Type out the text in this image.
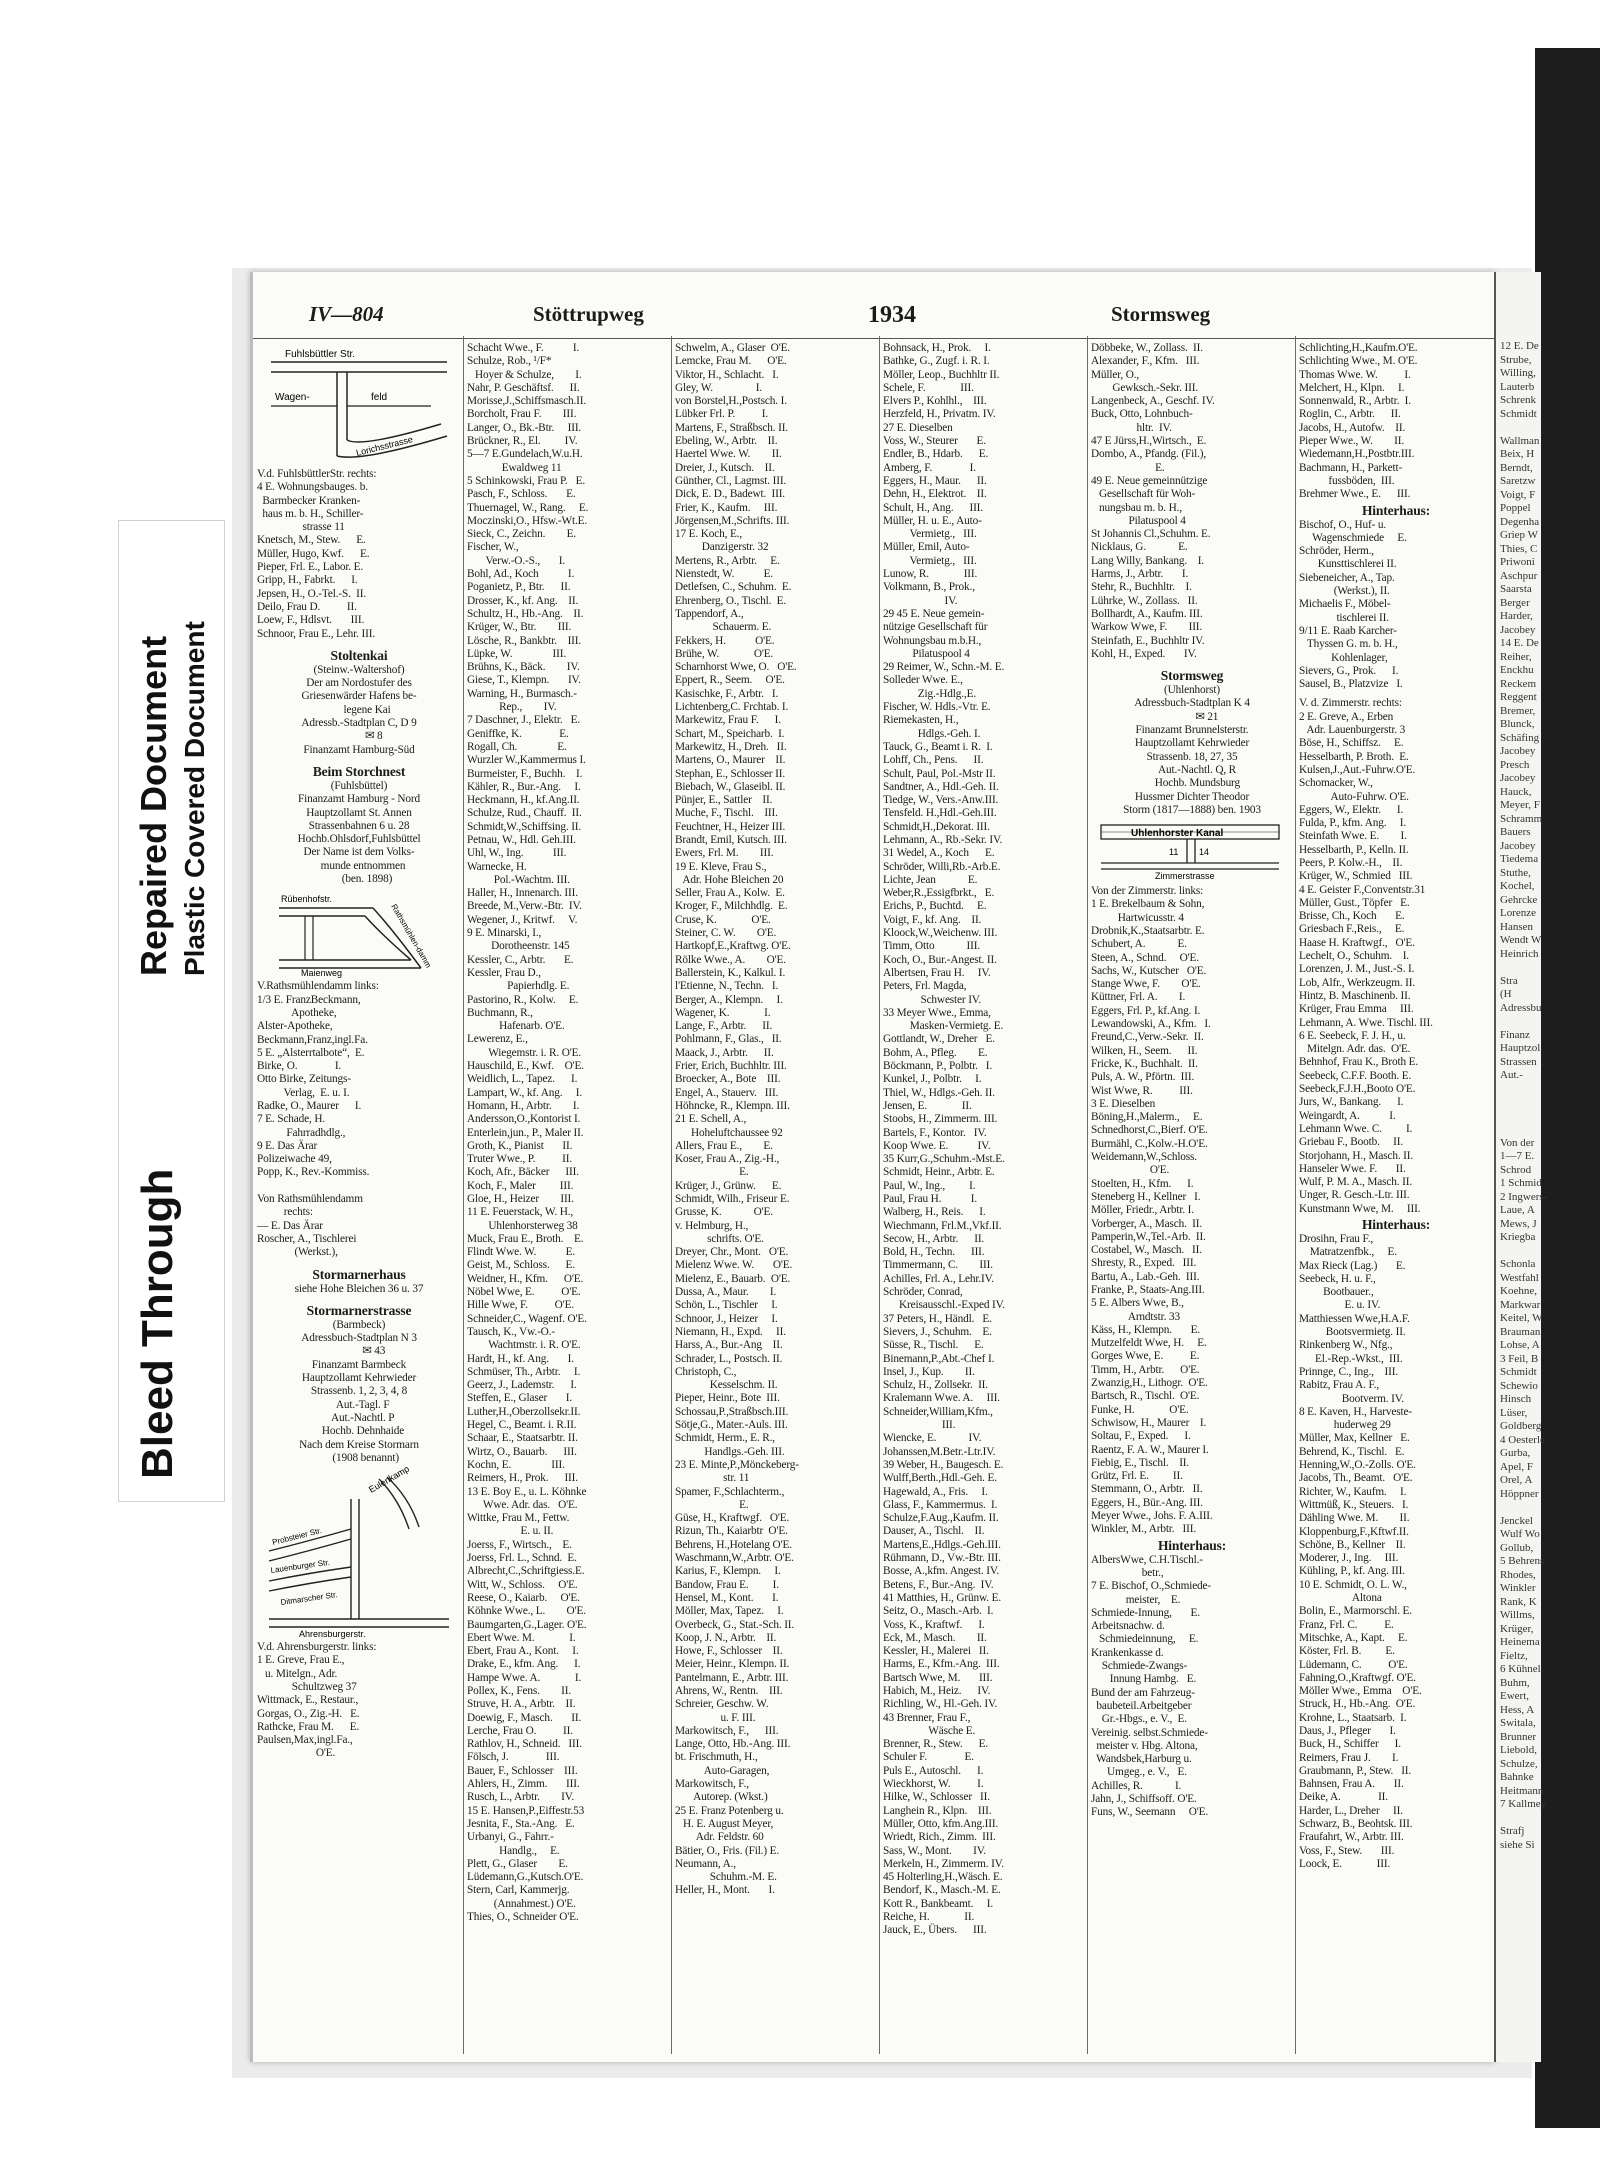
Bleed Through
Repaired Document Plastic Covered Document
IV—804	Stöttrupweg	1934	Stormsweg
Fuhlsbüttler Str.
Wagen-	feld
Lorichsstrasse
V.d. FuhlsbüttlerStr. rechts:
4 E. Wohnungsbauges. b.
Barmbecker Kranken-
haus m. b. H., Schiller-
strasse 11
Knetsch, M., Stew.      E.
Müller, Hugo, Kwf.      E.
Pieper, Frl. E., Labor. E.
Gripp, H., Fabrkt.      I.
Jepsen, H., O.-Tel.-S.  II.
Deilo, Frau D.          II.
Loew, F., Hdlsvt.       III.
Schnoor, Frau E., Lehr. III.
Stoltenkai
(Steinw.-Waltershof)
Der am Nordostufer des
Griesenwärder Hafens be-
legene Kai
Adressb.-Stadtplan C, D 9
✉ 8
Finanzamt Hamburg-Süd
Beim Storchnest
(Fuhlsbüttel)
Finanzamt Hamburg - Nord
Hauptzollamt St. Annen
Strassenbahnen 6 u. 28
Hochb.Ohlsdorf,Fuhlsbüttel
Der Name ist dem Volks-
munde entnommen
(ben. 1898)
Rübenhofstr.
Rathsmühlen-damm
Maienweg
V.Rathsmühlendamm links:
1/3 E. FranzBeckmann,
Apotheke,
Alster-Apotheke,
Beckmann,Franz,ingl.Fa.
5 E. „Alsterrtalbote“,  E.
Birke, O.              I.
Otto Birke, Zeitungs-
Verlag,  E. u. I.
Radke, O., Maurer      I.
7 E. Schade, H.
Fahrradhdlg.,
9 E. Das Ärar
Polizeiwache 49,
Popp, K., Rev.-Kommiss.

Von Rathsmühlendamm
rechts:
— E. Das Ärar
Roscher, A., Tischlerei
(Werkst.),
Stormarnerhaus
siehe Hohe Bleichen 36 u. 37
Stormarnerstrasse
(Barmbeck)
Adressbuch-Stadtplan N 3
✉ 43
Finanzamt Barmbeck
Hauptzollamt Kehrwieder
Strassenb. 1, 2, 3, 4, 8
Aut.-Tagl. F
Aut.-Nachtl. P
Hochb. Dehnhaide
Nach dem Kreise Stormarn
(1908 benannt)
Eulenkamp
Probsteier Str.
Lauenburger Str.
Ditmarscher Str.
Ahrensburgerstr.
V.d. Ahrensburgerstr. links:
1 E. Greve, Frau E.,
u. Mitelgn., Adr.
Schultzweg 37
Wittmack, E., Restaur.,
Gorgas, O., Zig.-H.   E.
Rathcke, Frau M.      E.
Paulsen,Max,ingl.Fa.,
O'E.
Schacht Wwe., F.           I.
Schulze, Rob., ¹/F*
Hoyer & Schulze,        I.
Nahr, P. Geschäftsf.      II.
Morisse,J.,Schiffsmasch.II.
Borcholt, Frau F.        III.
Langer, O., Bk.-Btr.     III.
Brückner, R., El.         IV.
5—7 E.Gundelach,W.u.H.
Ewaldweg 11
5 Schinkowski, Frau P.   E.
Pasch, F., Schloss.       E.
Thuernagel, W., Rang.     E.
Moczinski,O., Hfsw.-Wt.E.
Sieck, C., Zeichn.        E.
Fischer, W.,
Verw.-O.-S.,       I.
Bohl, Ad., Koch           I.
Poganietz, P., Btr.      II.
Drosser, K., kf. Ang.    II.
Schultz, H., Hb.-Ang.    II.
Krüger, W., Btr.        III.
Lösche, R., Bankbtr.    III.
Lüpke, W.               III.
Brühns, K., Bäck.        IV.
Giese, T., Klempn.       IV.
Warning, H., Burmasch.-
Rep.,        IV.
7 Daschner, J., Elektr.   E.
Geniffke, K.              E.
Rogall, Ch.               E.
Wurzler W.,Kammermus I.
Burmeister, F., Buchh.    I.
Kähler, R., Bur.-Ang.     I.
Heckmann, H., kf.Ang.II.
Schulze, Rud., Chauff.  II.
Schmidt,W.,Schiffsing. II.
Petnau, W., Hdl. Geh.III.
Uhl, W., Ing.           III.
Warnecke, H.
Pol.-Wachtm. III.
Haller, H., Innenarch. III.
Breede, M.,Verw.-Btr.  IV.
Wegener, J., Kritwf.     V.
9 E. Minarski, I.,
Dorotheenstr. 145
Kessler, C., Arbtr.       E.
Kessler, Frau D.,
Papierhdlg. E.
Pastorino, R., Kolw.     E.
Buchmann, R.,
Hafenarb. O'E.
Lewerenz, E.,
Wiegemstr. i. R. O'E.
Hauschild, E., Kwf.    O'E.
Weidlich, L., Tapez.      I.
Lampart, W., kf. Ang.     I.
Homann, H., Arbtr.        I.
Andersson,O.,Kontorist I.
Enterlein,jun., P., Maler II.
Groth, K., Pianist       II.
Truter Wwe., P.          II.
Koch, Afr., Bäcker      III.
Koch, F., Maler         III.
Gloe, H., Heizer        III.
11 E. Feuerstack, W. H.,
Uhlenhorsterweg 38
Muck, Frau E., Broth.    E.
Flindt Wwe. W.           E.
Geist, M., Schloss.      E.
Weidner, H., Kfm.      O'E.
Nöbel Wwe, E.          O'E.
Hille Wwe, F.          O'E.
Schneider,C., Wagenf. O'E.
Tausch, K., Vw.-O.-
Wachtmstr. i. R. O'E.
Hardt, H., kf. Ang.       I.
Schmüser, Th., Arbtr.     I.
Geerz, J., Lademstr.      I.
Steffen, E., Glaser       I.
Luther,H.,Oberzollsekr.II.
Hegel, C., Beamt. i. R.II.
Schaar, E., Staatsarbtr. II.
Wirtz, O., Bauarb.      III.
Kochn, E.               III.
Reimers, H., Prok.      III.
13 E. Boy E., u. L. Köhnke
Wwe. Adr. das.   O'E.
Wittke, Frau M., Fettw.
E. u. II.
Joerss, F., Wirtsch.,    E.
Joerss, Frl. L., Schnd.  E.
Albrecht,C.,Schriftgiess.E.
Witt, W., Schloss.     O'E.
Reese, O., Kaiarb.     O'E.
Köhnke Wwe., L.        O'E.
Baumgarten,G.,Lager. O'E.
Ebert Wwe. M.             I.
Ebert, Frau A., Kont.     I.
Drake, E., kfm. Ang.      I.
Hampe Wwe. A.             I.
Pollex, K., Fens.        II.
Struve, H. A., Arbtr.    II.
Doewig, F., Masch.       II.
Lerche, Frau O.          II.
Rathlov, H., Schneid.   III.
Fölsch, J.              III.
Bauer, F., Schlosser    III.
Ahlers, H., Zimm.       III.
Rusch, L., Arbtr.        IV.
15 E. Hansen,P.,Eiffestr.53
Jesnita, F., Sta.-Ang.   E.
Urbanyi, G., Fahrr.-
Handlg.,     E.
Plett, G., Glaser        E.
Lüdemann,G.,Kutsch.O'E.
Stern, Carl, Kammerjg.
(Annahmest.) O'E.
Thies, O., Schneider O'E.
Schwelm, A., Glaser  O'E.
Lemcke, Frau M.      O'E.
Viktor, H., Schlacht.   I.
Gley, W.                I.
von Borstel,H.,Postsch. I.
Lübker Frl. P.          I.
Martens, F., Straßbsch. II.
Ebeling, W., Arbtr.    II.
Haertel Wwe. W.        II.
Dreier, J., Kutsch.    II.
Günther, Cl., Lagmst. III.
Dick, E. D., Badewt.  III.
Frier, K., Kaufm.     III.
Jörgensen,M.,Schrifts. III.
17 E. Koch, E.,
Danzigerstr. 32
Mertens, R., Arbtr.     E.
Nienstedt, W.           E.
Detlefsen, C., Schuhm.  E.
Ehrenberg, O., Tischl.  E.
Tappendorf, A.,
Schauerm. E.
Fekkers, H.           O'E.
Brühe, W.             O'E.
Scharnhorst Wwe, O.   O'E.
Eppert, R., Seem.     O'E.
Kasischke, F., Arbtr.   I.
Lichtenberg,C. Frchtab. I.
Markewitz, Frau F.      I.
Schart, M., Speicharb.  I.
Markewitz, H., Dreh.   II.
Martens, O., Maurer    II.
Stephan, E., Schlosser II.
Biebach, W., Glaseibl. II.
Pünjer, E., Sattler    II.
Muche, F., Tischl.    III.
Feuchtner, H., Heizer III.
Brandt, Emil, Kutsch. III.
Ewers, Frl. M.        III.
19 E. Kleve, Frau S.,
Adr. Hohe Bleichen 20
Seller, Frau A., Kolw.  E.
Kroger, F., Milchhdlg.  E.
Cruse, K.             O'E.
Steiner, C. W.        O'E.
Hartkopf,E.,Kraftwg. O'E.
Rölke Wwe., A.        O'E.
Ballerstein, K., Kalkul. I.
l'Etienne, N., Techn.   I.
Berger, A., Klempn.     I.
Wagener, K.             I.
Lange, F., Arbtr.      II.
Pohlmann, F., Glas.,   II.
Maack, J., Arbtr.      II.
Frier, Erich, Buchhltr. III.
Broecker, A., Bote    III.
Engel, A., Stauerv.   III.
Höhncke, R., Klempn. III.
21 E. Schell, A.,
Hoheluftchaussee 92
Allers, Frau E.,        E.
Koser, Frau A., Zig.-H.,
E.
Krüger, J., Grünw.      E.
Schmidt, Wilh., Friseur E.
Grusse, K.            O'E.
v. Helmburg, H.,
schrifts. O'E.
Dreyer, Chr., Mont.   O'E.
Mielenz Wwe. W.       O'E.
Mielenz, E., Bauarb.  O'E.
Dussa, A., Maur.        I.
Schön, L., Tischler     I.
Schnoor, J., Heizer     I.
Niemann, H., Expd.     II.
Harss, A., Bur.-Ang    II.
Schrader, L., Postsch. II.
Christoph, C.,
Kesselschm. II.
Pieper, Heinr., Bote  III.
Schossau,P.,Straßbsch.III.
Sötje,G., Mater.-Auls. III.
Schmidt, Herm., E. R.,
Handlgs.-Geh. III.
23 E. Minte,P.,Mönckeberg-
str. 11
Spamer, F.,Schlachterm.,
E.
Güse, H., Kraftwgf.   O'E.
Rizun, Th., Kaiarbtr  O'E.
Behrens, H.,Hotelang O'E.
Waschmann,W.,Arbtr. O'E.
Karius, F., Klempn.     I.
Bandow, Frau E.         I.
Hensel, M., Kont.       I.
Möller, Max, Tapez.     I.
Overbeck, G., Stat.-Sch. II.
Koop, J. N., Arbtr.    II.
Howe, F., Schlosser    II.
Meier, Heinr., Klempn. II.
Pantelmann, E., Arbtr. III.
Ahrens, W., Rentn.    III.
Schreier, Geschw. W.
u. F. III.
Markowitsch, F.,      III.
Lange, Otto, Hb.-Ang. III.
bt. Frischmuth, H.,
Auto-Garagen,
Markowitsch, F.,
Autorep. (Wkst.)
25 E. Franz Potenberg u.
H. E. August Meyer,
Adr. Feldstr. 60
Bätier, O., Fris. (Fil.) E.
Neumann, A.,
Schuhm.-M. E.
Heller, H., Mont.       I.
Bohnsack, H., Prok.     I.
Bathke, G., Zugf. i. R. I.
Möller, Leop., Buchhltr II.
Schele, F.             III.
Elvers P., Kohlhl.,    III.
Herzfeld, H., Privatm. IV.
27 E. Dieselben
Voss, W., Steurer       E.
Endler, B., Hdarb.      E.
Amberg, F.              I.
Eggers, H., Maur.      II.
Dehn, H., Elektrot.    II.
Schult, H., Ang.      III.
Müller, H. u. E., Auto-
Vermietg.,   III.
Müller, Emil, Auto-
Vermietg.,   III.
Lunow, R.             III.
Volkmann, B., Prok.,
IV.
29 45 E. Neue gemein-
nützige Gesellschaft für
Wohnungsbau m.b.H.,
Pilatuspool 4
29 Reimer, W., Schn.-M. E.
Solleder Wwe. E.,
Zig.-Hdlg.,E.
Fischer, W. Hdls.-Vtr. E.
Riemekasten, H.,
Hdlgs.-Geh. I.
Tauck, G., Beamt i. R.  I.
Lohff, Ch., Pens.      II.
Schult, Paul, Pol.-Mstr II.
Sandtner, A., Hdl.-Geh. II.
Tiedge, W., Vers.-Anw.III.
Tensfeld. H.,Hdl.-Geh.III.
Schmidt,H.,Dekorat. III.
Lehmann, A., Rb.-Sekr. IV.
31 Wedel, A., Koch      E.
Schröder, Willi,Rb.-Arb.E.
Lichte, Jean            E.
Weber,R.,Essigfbrkt.,   E.
Erichs, P., Buchtd.     E.
Voigt, F., kf. Ang.    II.
Kloock,W.,Weichenw. III.
Timm, Otto            III.
Koch, O., Bur.-Angest. II.
Albertsen, Frau H.     IV.
Peters, Frl. Magda,
Schwester IV.
33 Meyer Wwe., Emma,
Masken-Vermietg. E.
Gottlandt, W., Dreher   E.
Bohm, A., Pfleg.        E.
Böckmann, P., Polbtr.   I.
Kunkel, J., Polbtr.     I.
Thiel, W., Hdlgs.-Geh. II.
Jensen, E.             II.
Stoobs, H., Zimmerm. III.
Bartels, F., Kontor.   IV.
Koop Wwe. E.           IV.
35 Kurr,G.,Schuhm.-Mst.E.
Schmidt, Heinr., Arbtr. E.
Paul, W., Ing.,         I.
Paul, Frau H.           I.
Walberg, H., Reis.      I.
Wiechmann, Frl.M.,Vkf.II.
Secow, H., Arbtr.      II.
Bold, H., Techn.      III.
Timmermann, C.        III.
Achilles, Frl. A., Lehr.IV.
Schröder, Conrad,
Kreisausschl.-Exped IV.
37 Peters, H., Händl.   E.
Sievers, J., Schuhm.    E.
Süsse, R., Tischl.      E.
Binemann,P.,Abt.-Chef I.
Insel, J., Kup.        II.
Schulz, H., Zollsekr.  II.
Kralemann Wwe. A.     III.
Schneider,William,Kfm.,
III.
Wiencke, E.            IV.
Johanssen,M.Betr.-Ltr.IV.
39 Weber, H., Baugesch. E.
Wulff,Berth.,Hdl.-Geh. E.
Hagewald, A., Fris.     I.
Glass, F., Kammermus.  I.
Schulze,F.Aug.,Kaufm. II.
Dauser, A., Tischl.    II.
Martens,E.,Hdlgs.-Geh.III.
Rühmann, D., Vw.-Btr. III.
Bosse, A.,kfm. Angest. IV.
Betens, F., Bur.-Ang.  IV.
41 Matthies, H., Grünw. E.
Seitz, O., Masch.-Arb.  I.
Voss, K., Kraftwf.      I.
Eck, M., Masch.        II.
Kessler, H., Malerei   II.
Harms, E., Kfm.-Ang.  III.
Bartsch Wwe, M.       III.
Habich, M., Heiz.      IV.
Richling, W., Hl.-Geh. IV.
43 Brenner, Frau F.,
Wäsche E.
Brenner, R., Stew.      E.
Schuler F.              E.
Puls E., Autoschl.      I.
Wieckhorst, W.          I.
Hilke, W., Schlosser   II.
Langhein R., Klpn.    III.
Müller, Otto, kfm.Ang.III.
Wriedt, Rich., Zimm.  III.
Sass, W., Mont.        IV.
Merkeln, H., Zimmerm. IV.
45 Holterling,H.,Wäsch. E.
Bendorf, K., Masch.-M. E.
Kott R., Bankbeamt.     I.
Reiche, H.             II.
Jauck, E., Übers.      III.
Döbbeke, W., Zollass.  II.
Alexander, F., Kfm.   III.
Müller, O.,
Gewksch.-Sekr. III.
Langenbeck, A., Geschf. IV.
Buck, Otto, Lohnbuch-
hltr.  IV.
47 E Jürss,H.,Wirtsch.,  E.
Dombo, A., Pfandg. (Fil.),
E.
49 E. Neue gemeinnützige
Gesellschaft für Woh-
nungsbau m. b. H.,
Pilatuspool 4
St Johannis Cl.,Schuhm. E.
Nicklaus, G.            E.
Lang Willy, Bankang.    I.
Harms, J., Arbtr.       I.
Stehr, R., Buchhltr.    I.
Lührke, W., Zollass.   II.
Bollhardt, A., Kaufm. III.
Warkow Wwe, F.        III.
Steinfath, E., Buchhltr IV.
Kohl, H., Exped.       IV.
Stormsweg
(Uhlenhorst)
Adressbuch-Stadtplan K 4
✉ 21
Finanzamt Brunnelsterstr.
Hauptzollamt Kehrwieder
Strassenb. 18, 27, 35
Aut.-Nachtl. Q, R
Hochb. Mundsburg
Hussmer Dichter Theodor
Storm (1817—1888) ben. 1903
Uhlenhorster Kanal
11 14
Zimmerstrasse
Von der Zimmerstr. links:
1 E. Brekelbaum & Sohn,
Hartwicusstr. 4
Drobnik,K.,Staatsarbtr. E.
Schubert, A.            E.
Steen, A., Schnd.     O'E.
Sachs, W., Kutscher   O'E.
Stange Wwe, F.        O'E.
Küttner, Frl. A.        I.
Eggers, Frl. P., kf.Ang. I.
Lewandowski, A., Kfm.   I.
Freund,C.,Verw.-Sekr.  II.
Wilken, H., Seem.      II.
Fricke, K., Buchhalt.  II.
Puls, A. W., Pförtn.  III.
Wist Wwe, R.          III.
3 E. Dieselben
Böning,H.,Malerm.,     E.
Schnedhorst,C.,Bierf. O'E.
Burmähl, C.,Kolw.-H.O'E.
Weidemann,W.,Schloss.
O'E.
Stoelten, H., Kfm.      I.
Steneberg H., Kellner   I.
Möller, Friedr., Arbtr. I.
Vorberger, A., Masch.  II.
Pamperin,W.,Tel.-Arb.  II.
Costabel, W., Masch.   II.
Shresty, R., Exped.   III.
Bartu, A., Lab.-Geh.  III.
Franke, P., Staats-Ang.III.
5 E. Albers Wwe, B.,
Arndtstr. 33
Käss, H., Klempn.       E.
Mutzelfeldt Wwe, H.     E.
Gorges Wwe, E.          E.
Timm, H., Arbtr.      O'E.
Zwanzig,H., Lithogr.  O'E.
Bartsch, R., Tischl.  O'E.
Funke, H.             O'E.
Schwisow, H., Maurer    I.
Soltau, F., Exped.      I.
Raentz, F. A. W., Maurer I.
Fiebig, E., Tischl.    II.
Grütz, Frl. E.         II.
Stemmann, O., Arbtr.   II.
Eggers, H., Bür.-Ang. III.
Meyer Wwe., Johs. F. A.III.
Winkler, M., Arbtr.   III.
Hinterhaus:
AlbersWwe, C.H.Tischl.-
betr.,
7 E. Bischof, O.,Schmiede-
meister,    E.
Schmiede-Innung,       E.
Arbeitsnachw. d.
Schmiedeinnung,     E.
Krankenkasse d.
Schmiede-Zwangs-
Innung Hambg.   E.
Bund der am Fahrzeug-
baubeteil.Arbeitgeber
Gr.-Hbgs., e. V.,  E.
Vereinig. selbst.Schmiede-
meister v. Hbg. Altona,
Wandsbek,Harburg u.
Umgeg., e. V.,   E.
Achilles, R.            I.
Jahn, J., Schiffsoff. O'E.
Funs, W., Seemann     O'E.
Schlichting,H.,Kaufm.O'E.
Schlichting Wwe., M. O'E.
Thomas Wwe. W.          I.
Melchert, H., Klpn.     I.
Sonnenwald, R., Arbtr.  I.
Roglin, C., Arbtr.      II.
Jacobs, H., Autofw.    II.
Pieper Wwe., W.        II.
Wiedemann,H.,Postbtr.III.
Bachmann, H., Parkett-
fussböden,  III.
Brehmer Wwe., E.      III.
Hinterhaus:
Bischof, O., Huf- u.
Wagenschmiede     E.
Schröder, Herm.,
Kunsttischlerei II.
Siebeneicher, A., Tap.
(Werkst.), II.
Michaelis F., Möbel-
tischlerei II.
9/11 E. Raab Karcher-
Thyssen G. m. b. H.,
Kohlenlager,
Sievers, G., Prok.      I.
Sausel, B., Platzvize   I.
V. d. Zimmerstr. rechts:
2 E. Greve, A., Erben
Adr. Lauenburgerstr. 3
Böse, H., Schiffsz.     E.
Hesselbarth, P. Broth.  E.
Kulsen,J.,Aut.-Fuhrw.O'E.
Schomacker, W.,
Auto-Fuhrw. O'E.
Eggers, W., Elektr.      I.
Fulda, P., kfm. Ang.     I.
Steinfath Wwe. E.        I.
Hesselbarth, P., Kelln. II.
Peers, P. Kolw.-H.,    II.
Krüger, W., Schmied   III.
4 E. Geister F.,Conventstr.31
Müller, Gust., Töpfer   E.
Brisse, Ch., Koch       E.
Griesbach F.,Reis.,     E.
Haase H. Kraftwgf.,   O'E.
Lechelt, O., Schuhm.    I.
Lorenzen, J. M., Just.-S. I.
Lob, Alfr., Werkzeugm. II.
Hintz, B. Maschinenb. II.
Krüger, Frau Emma     III.
Lehmann, A. Wwe. Tischl. III.
6 E. Seebeck, F. J. H., u.
Mitelgn. Adr. das.  O'E.
Behnhof, Frau K., Broth E.
Seebeck, C.F.F. Booth. E.
Seebeck,F.J.H.,Booto O'E.
Jurs, W., Bankang.      I.
Weingardt, A.           I.
Lehmann Wwe. C.         I.
Griebau F., Bootb.     II.
Storjohann, H., Masch. II.
Hanseler Wwe. F.       II.
Wulf, P. M. A., Masch. II.
Unger, R. Gesch.-Ltr. III.
Kunstmann Wwe, M.     III.
Hinterhaus:
Drosihn, Frau F.,
Matratzenfbk.,     E.
Max Rieck (Lag.)       E.
Seebeck, H. u. F.,
Bootbauer.,
E. u. IV.
Matthiessen Wwe,H.A.F.
Bootsvermietg. II.
Rinkenberg W., Nfg.,
El.-Rep.-Wkst.,  III.
Prinnge, C., Ing.,    III.
Rabitz, Frau A. F.,
Bootverm. IV.
8 E. Kaven, H., Harveste-
huderweg 29
Müller, Max, Kellner   E.
Behrend, K., Tischl.   E.
Henning,W.,O.-Zolls. O'E.
Jacobs, Th., Beamt.   O'E.
Richter, W., Kaufm.     I.
Wittmüß, K., Steuers.   I.
Dähling Wwe. M.        II.
Kloppenburg,F.,Kftwf.II.
Schöne, B., Kellner    II.
Moderer, J., Ing.     III.
Kühling, P., kf. Ang. III.
10 E. Schmidt, O. L. W.,
Altona
Bolin, E., Marmorschl. E.
Franz, Frl. C.          E.
Mitschke, A., Kapt.     E.
Köster, Frl. B.         E.
Lüdemann, C.          O'E.
Fahning,O.,Kraftwgf. O'E.
Möller Wwe., Emma    O'E.
Struck, H., Hb.-Ang.  O'E.
Krohne, L., Staatsarb.  I.
Daus, J., Pfleger       I.
Buck, H., Schiffer      I.
Reimers, Frau J.        I.
Graubmann, P., Stew.   II.
Bahnsen, Frau A.       II.
Deike, A.              II.
Harder, L., Dreher     II.
Schwarz, B., Beohtsk. III.
Fraufahrt, W., Arbtr. III.
Voss, F., Stew.       III.
Loock, E.             III.
12 E. De
Strube,
Willing,
Lauterb
Schrenk
Schmidt

Wallman
Beix, H
Berndt,
Saretzw
Voigt, F
Poppel
Degenha
Griep W
Thies, C
Priwoni
Aschpur
Saarsta
Berger
Harder,
Jacobey
14 E. De
Reiher,
Enckhu
Reckem
Reggent
Bremer,
Blunck,
Schäfing
Jacobey
Presch
Jacobey
Hauck,
Meyer, F
Schramm
Bauers
Jacobey
Tiedema
Stuthe,
Kochel,
Gehrcke
Lorenze
Hansen
Wendt W
Heinrich

Stra
(H
Adressbu

Finanz
Hauptzol
Strassen
Aut.-

Von der
1—7 E.
Schrod
1 Schmid
2 Ingwers-
Laue, A
Mews, J
Kriegba

Schonla
Westfahl
Koehne,
Markwar
Keitel, W
Brauman
Lohse, A
3 Feil, B
Schmidt
Schewio
Hinsch
Lüser,
Goldberg
4 Oesterle
Gurba,
Apel, F
Orel, A
Höppner

Jenckel
Wulf Wo
Gollub,
5 Behrens
Rhodes,
Winkler
Rank, K
Willms,
Krüger,
Heinema
Fieltz,
6 Kühnel,
Buhm,
Ewert,
Hess, A
Switala,
Brunner
Liebold,
Schulze,
Bahnke
Heitmann
7 Kallmey

Strafj
siehe Si
